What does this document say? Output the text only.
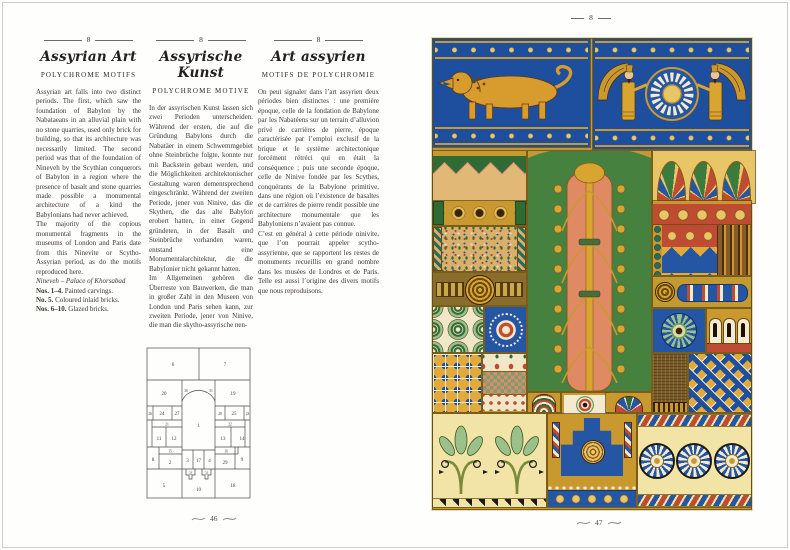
8
Assyrian Art
POLYCHROME MOTIFS

Assyrian art falls into two distinct periods. The first, which saw the foundation of Babylon by the Nabataeans in an alluvial plain with no stone quarries, used only brick for building, so that its architecture was necessarily limited. The second period was that of the foundation of Nineveh by the Scythian conquerors of Babylon in a region where the presence of basalt and stone quarries made possible a monumental architecture of a kind the Babylonians had never achieved.

The majority of the copious monumental fragments in the museums of London and Paris date from this Ninevite or Scytho-Assyrian period, as do the motifs reproduced here.

Nineveh – Palace of Khorsabad

Nos. 1–4. Painted carvings.
No. 5. Coloured inlaid bricks.
Nos. 6–10. Glazed bricks.
8
Assyrische Kunst
POLYCHROME MOTIVE

In der assyrischen Kunst lassen sich zwei Perioden unterscheiden. Während der ersten, die auf die Gründung Babylons durch die Nabatäer in einem Schwemmgebiet ohne Steinbrüche folgte, konnte nur mit Backstein gebaut werden, und die Möglichkeiten architektonischer Gestaltung waren dementsprechend eingeschränkt. Während der zweiten Periode, jener von Ninive, das die Skythen, die das alte Babylon erobert hatten, in einer Gegend gründeten, in der Basalt und Steinbrüche vorhanden waren, entstand eine Monumentalarchitektur, die die Babylonier nicht gekannt hatten.

Im Allgemeinen gehören die Überreste von Bauwerken, die man in großer Zahl in den Museen von London und Paris sehen kann, zur zweiten Periode, jener von Ninive, die man die skytho-assyrische nen-

8
Art assyrien
MOTIFS DE POLYCHROMIE

On peut signaler dans l’art assyrien deux périodes bien distinctes : une première époque, celle de la fondation de Babylone par les Nabatéens sur un terrain d’alluvion privé de carrières de pierre, époque caractérisée par l’emploi exclusif de la brique et le système architectonique forcément rétréci qui en était la conséquence ; puis une seconde époque, celle de Ninive fondée par les Scythes, conquérants de la Babylone primitive, dans une région où l’existence de basaltes et de carrières de pierre rendit possible une architecture monumentale que les Babyloniens n’avaient pas connue.

C’est en général à cette période ninivite, que l’on pourrait appeler scytho-assyrienne, que se rapportent les restes de monuments recueillis en grand nombre dans les musées de Londres et de Paris. Telle est aussi l’origine des divers motifs que nous reproduisons.

6	7
20	19
30	31
1
26 24 27	28 25	23
21	22
11 12	13	14
15	16
8
2	29
9
3 17 4
32	33
5
10
18
46	47
8
